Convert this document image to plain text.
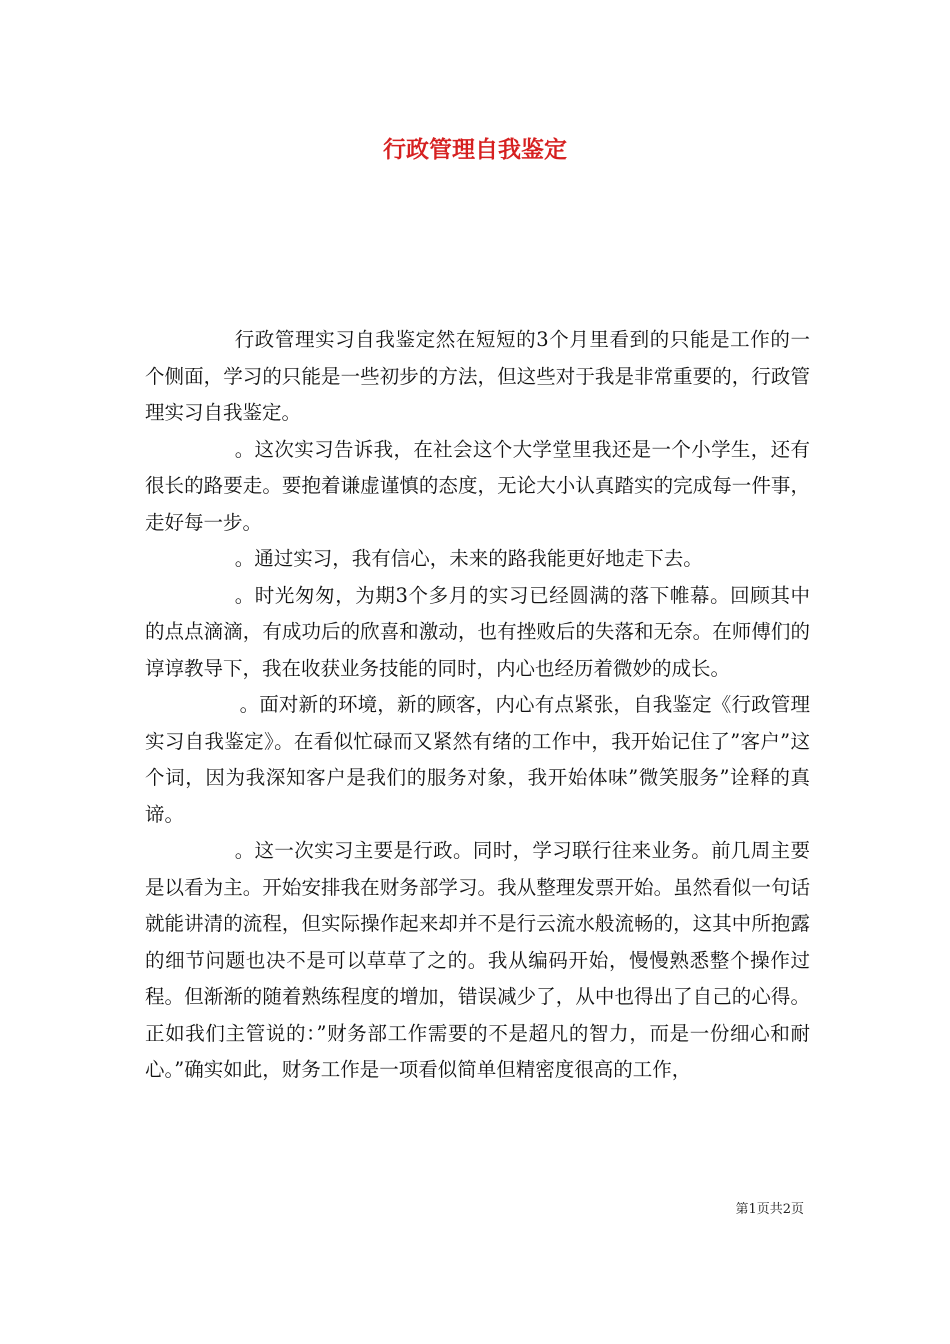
行政管理自我鉴定

行政管理实习自我鉴定然在短短的3个月里看到的只能是工作的一个侧面，学习的只能是一些初步的方法，但这些对于我是非常重要的，行政管理实习自我鉴定。

。这次实习告诉我，在社会这个大学堂里我还是一个小学生，还有很长的路要走。要抱着谦虚谨慎的态度，无论大小认真踏实的完成每一件事，走好每一步。

。通过实习，我有信心，未来的路我能更好地走下去。

。时光匆匆，为期3个多月的实习已经圆满的落下帷幕。回顾其中的点点滴滴，有成功后的欣喜和激动，也有挫败后的失落和无奈。在师傅们的谆谆教导下，我在收获业务技能的同时，内心也经历着微妙的成长。

。面对新的环境，新的顾客，内心有点紧张，自我鉴定《行政管理实习自我鉴定》。在看似忙碌而又紧然有绪的工作中，我开始记住了”客户”这个词，因为我深知客户是我们的服务对象，我开始体味”微笑服务”诠释的真谛。

。这一次实习主要是行政。同时，学习联行往来业务。前几周主要是以看为主。开始安排我在财务部学习。我从整理发票开始。虽然看似一句话就能讲清的流程，但实际操作起来却并不是行云流水般流畅的，这其中所抱露的细节问题也决不是可以草草了之的。我从编码开始，慢慢熟悉整个操作过程。但渐渐的随着熟练程度的增加，错误减少了，从中也得出了自己的心得。正如我们主管说的：”财务部工作需要的不是超凡的智力，而是一份细心和耐心。”确实如此，财务工作是一项看似简单但精密度很高的工作，

第1页共2页
